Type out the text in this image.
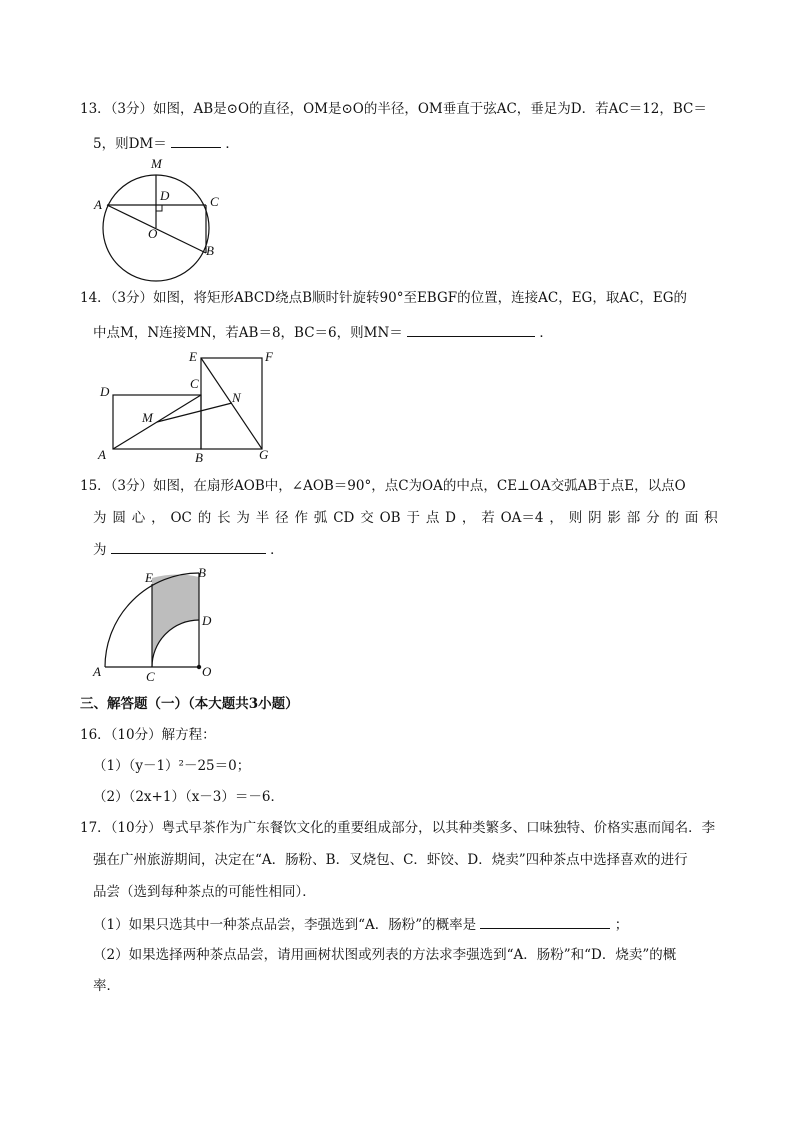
13．（3分）如图，AB是⊙O的直径，OM是⊙O的半径，OM垂直于弦AC，垂足为D．若AC＝12，BC＝
5，则DM＝	．
M
D
A	C
O
B
14．（3分）如图，将矩形ABCD绕点B顺时针旋转90°至EBGF的位置，连接AC，EG，取AC，EG的
中点M，N连接MN，若AB＝8，BC＝6，则MN＝	．
E	F
D
C
N
M
A	B	G
15．（3分）如图，在扇形AOB中，∠AOB＝90°，点C为OA的中点，CE⊥OA交弧AB于点E，以点O
为 圆 心 ， OC 的 长 为 半 径 作 弧 CD 交 OB 于 点 D ， 若 OA＝4 ， 则 阴 影 部 分 的 面 积
为	．
E	B
D
A	C	O
三、解答题（一）（本大题共3小题）
16．（10分）解方程：
（1）（y－1）²－25＝0；
（2）（2x+1）（x－3）＝－6．
17．（10分）粤式早茶作为广东餐饮文化的重要组成部分，以其种类繁多、口味独特、价格实惠而闻名．李
强在广州旅游期间，决定在“A．肠粉、B．叉烧包、C．虾饺、D．烧卖”四种茶点中选择喜欢的进行
品尝（选到每种茶点的可能性相同）．
（1）如果只选其中一种茶点品尝，李强选到“A．肠粉”的概率是	；
（2）如果选择两种茶点品尝，请用画树状图或列表的方法求李强选到“A．肠粉”和“D．烧卖”的概
率．
